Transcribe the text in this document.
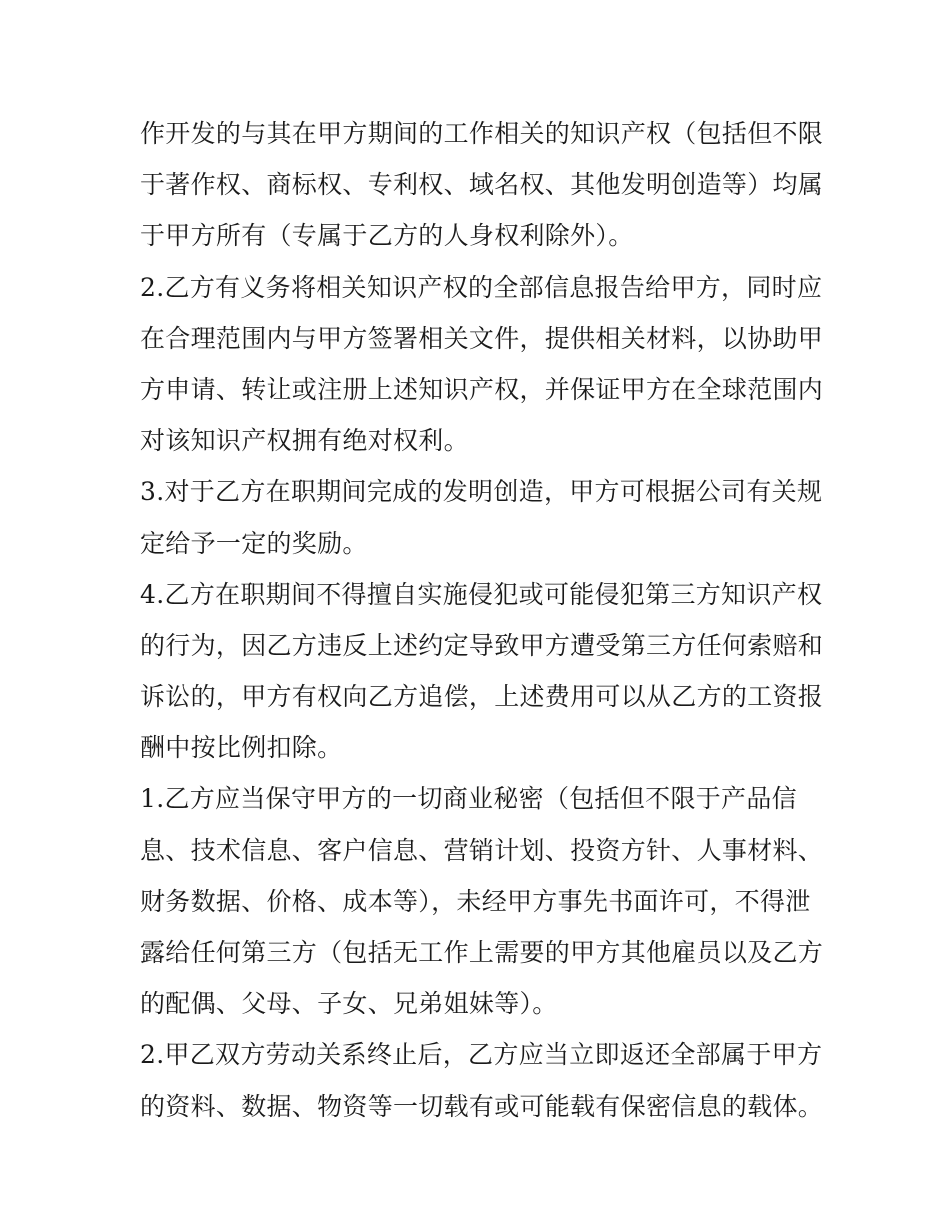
作开发的与其在甲方期间的工作相关的知识产权（包括但不限
于著作权、商标权、专利权、域名权、其他发明创造等）均属
于甲方所有（专属于乙方的人身权利除外）。
2.乙方有义务将相关知识产权的全部信息报告给甲方，同时应
在合理范围内与甲方签署相关文件，提供相关材料，以协助甲
方申请、转让或注册上述知识产权，并保证甲方在全球范围内
对该知识产权拥有绝对权利。
3.对于乙方在职期间完成的发明创造，甲方可根据公司有关规
定给予一定的奖励。
4.乙方在职期间不得擅自实施侵犯或可能侵犯第三方知识产权
的行为，因乙方违反上述约定导致甲方遭受第三方任何索赔和
诉讼的，甲方有权向乙方追偿，上述费用可以从乙方的工资报
酬中按比例扣除。
1.乙方应当保守甲方的一切商业秘密（包括但不限于产品信
息、技术信息、客户信息、营销计划、投资方针、人事材料、
财务数据、价格、成本等），未经甲方事先书面许可，不得泄
露给任何第三方（包括无工作上需要的甲方其他雇员以及乙方
的配偶、父母、子女、兄弟姐妹等）。
2.甲乙双方劳动关系终止后，乙方应当立即返还全部属于甲方
的资料、数据、物资等一切载有或可能载有保密信息的载体。
